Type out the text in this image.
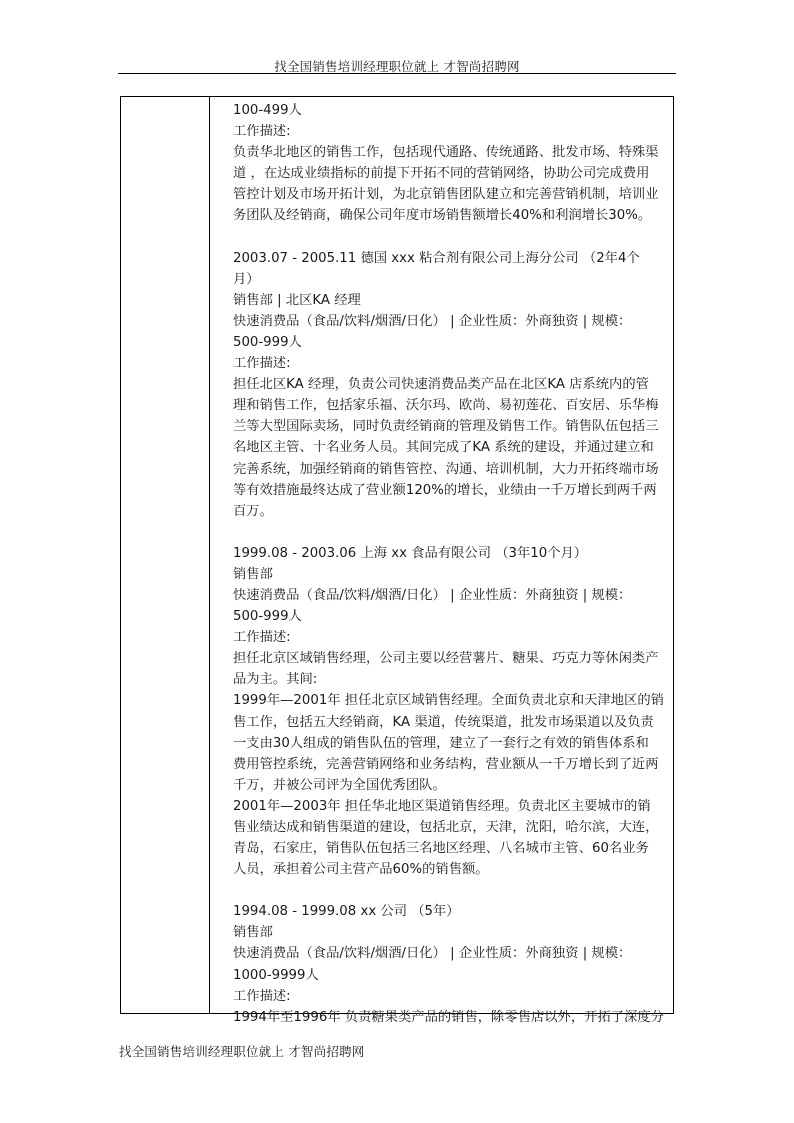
找全国销售培训经理职位就上 才智尚招聘网

100-499人

工作描述:

负责华北地区的销售工作，包括现代通路、传统通路、批发市场、特殊渠

道 ，在达成业绩指标的前提下开拓不同的营销网络，协助公司完成费用

管控计划及市场开拓计划，为北京销售团队建立和完善营销机制，培训业

务团队及经销商，确保公司年度市场销售额增长40%和利润增长30%。

2003.07 - 2005.11 德国 xxx 粘合剂有限公司上海分公司 （2年4个

月）

销售部 | 北区KA 经理

快速消费品（食品/饮料/烟酒/日化） | 企业性质：外商独资 | 规模：

500-999人

工作描述:

担任北区KA 经理，负责公司快速消费品类产品在北区KA 店系统内的管

理和销售工作，包括家乐福、沃尔玛、欧尚、易初莲花、百安居、乐华梅

兰等大型国际卖场，同时负责经销商的管理及销售工作。销售队伍包括三

名地区主管、十名业务人员。其间完成了KA 系统的建设，并通过建立和

完善系统，加强经销商的销售管控、沟通、培训机制，大力开拓终端市场

等有效措施最终达成了营业额120%的增长，业绩由一千万增长到两千两

百万。

1999.08 - 2003.06 上海 xx 食品有限公司 （3年10个月）

销售部

快速消费品（食品/饮料/烟酒/日化） | 企业性质：外商独资 | 规模：

500-999人

工作描述:

担任北京区域销售经理，公司主要以经营薯片、糖果、巧克力等休闲类产

品为主。其间:

1999年—2001年 担任北京区域销售经理。全面负责北京和天津地区的销

售工作，包括五大经销商，KA 渠道，传统渠道，批发市场渠道以及负责

一支由30人组成的销售队伍的管理，建立了一套行之有效的销售体系和

费用管控系统，完善营销网络和业务结构，营业额从一千万增长到了近两

千万，并被公司评为全国优秀团队。

2001年—2003年 担任华北地区渠道销售经理。负责北区主要城市的销

售业绩达成和销售渠道的建设，包括北京，天津，沈阳，哈尔滨，大连，

青岛，石家庄，销售队伍包括三名地区经理、八名城市主管、60名业务

人员，承担着公司主营产品60%的销售额。

1994.08 - 1999.08 xx 公司 （5年）

销售部

快速消费品（食品/饮料/烟酒/日化） | 企业性质：外商独资 | 规模：

1000-9999人

工作描述:

1994年至1996年 负责糖果类产品的销售，除零售店以外，开拓了深度分

找全国销售培训经理职位就上 才智尚招聘网
